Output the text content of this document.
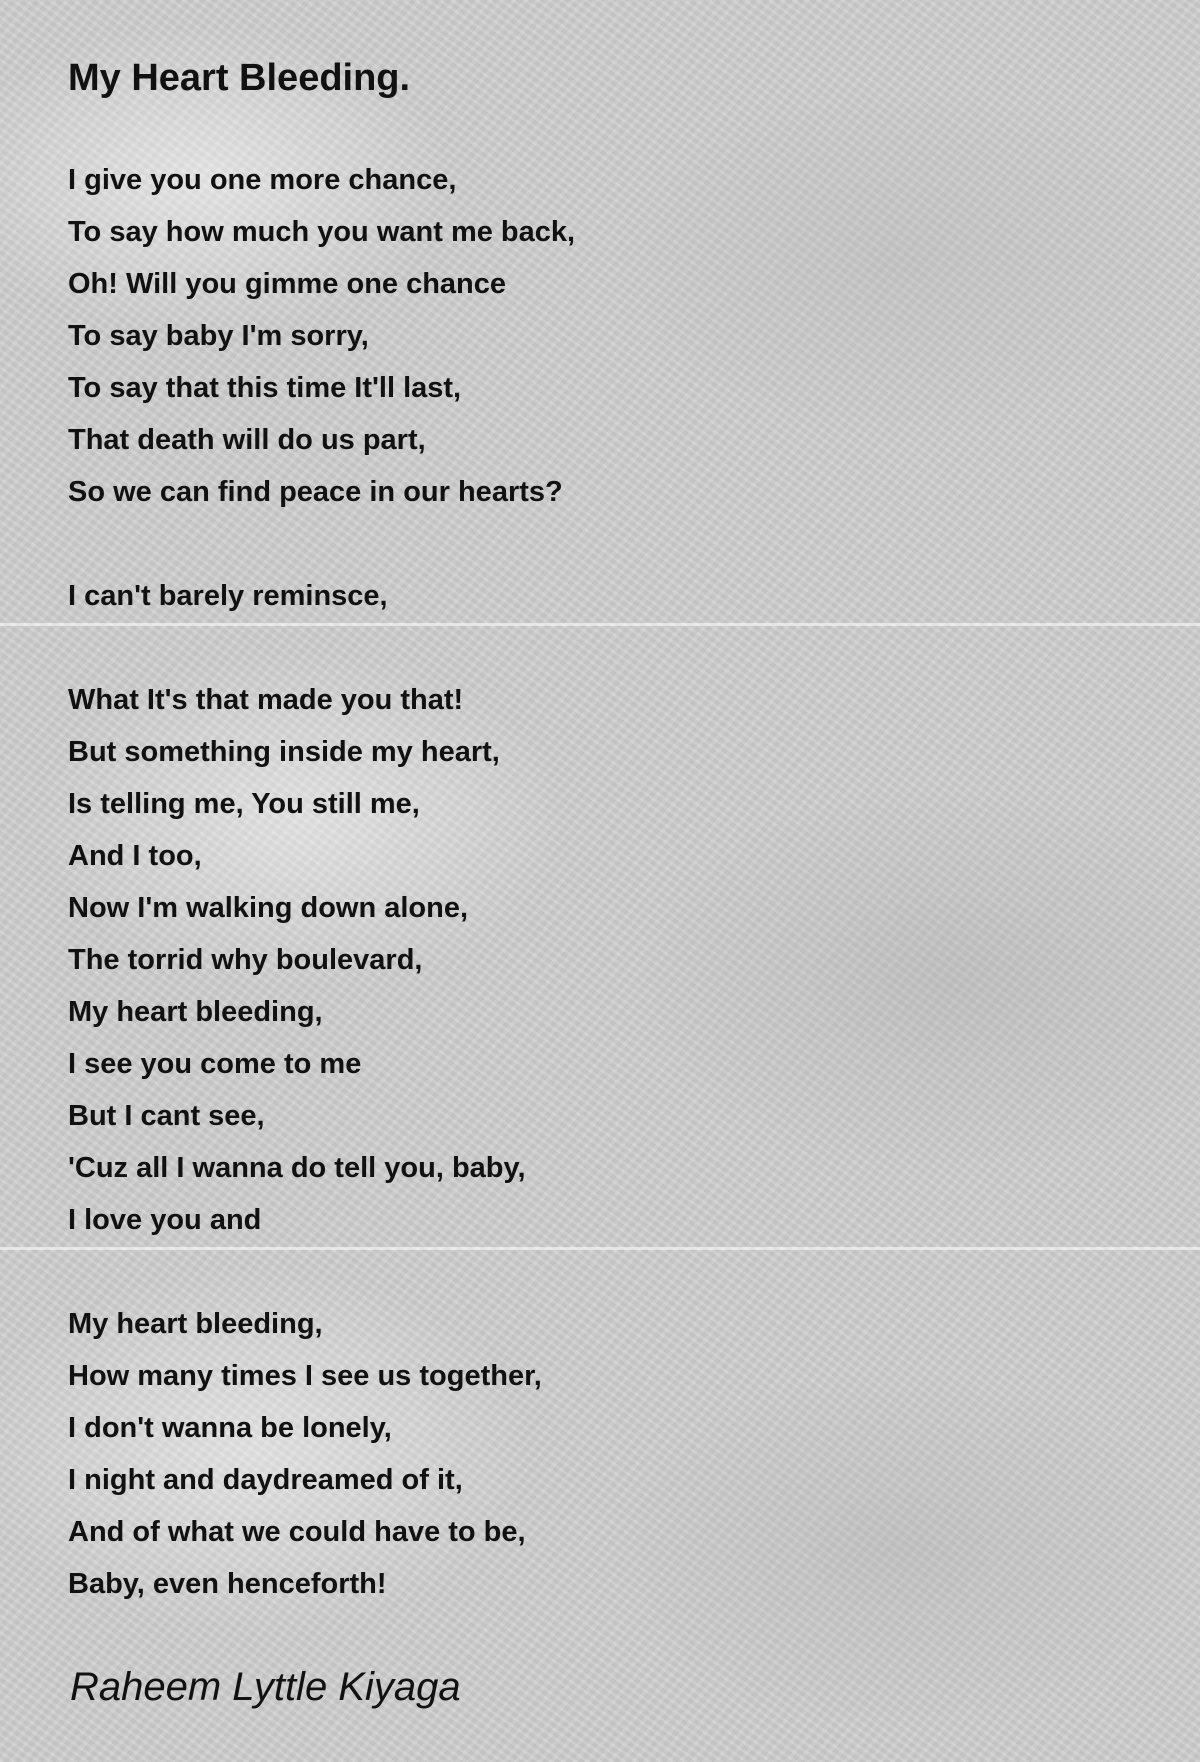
My Heart Bleeding.
I give you one more chance,
To say how much you want me back,
Oh! Will you gimme one chance
To say baby I'm sorry,
To say that this time It'll last,
That death will do us part,
So we can find peace in our hearts?
I can't barely reminsce,
What It's that made you that!
But something inside my heart,
Is telling me, You still me,
And I too,
Now I'm walking down alone,
The torrid why boulevard,
My heart bleeding,
I see you come to me
But I cant see,
'Cuz all I wanna do tell you, baby,
I love you and
My heart bleeding,
How many times I see us together,
I don't wanna be lonely,
I night and daydreamed of it,
And of what we could have to be,
Baby, even henceforth!
Raheem Lyttle Kiyaga
